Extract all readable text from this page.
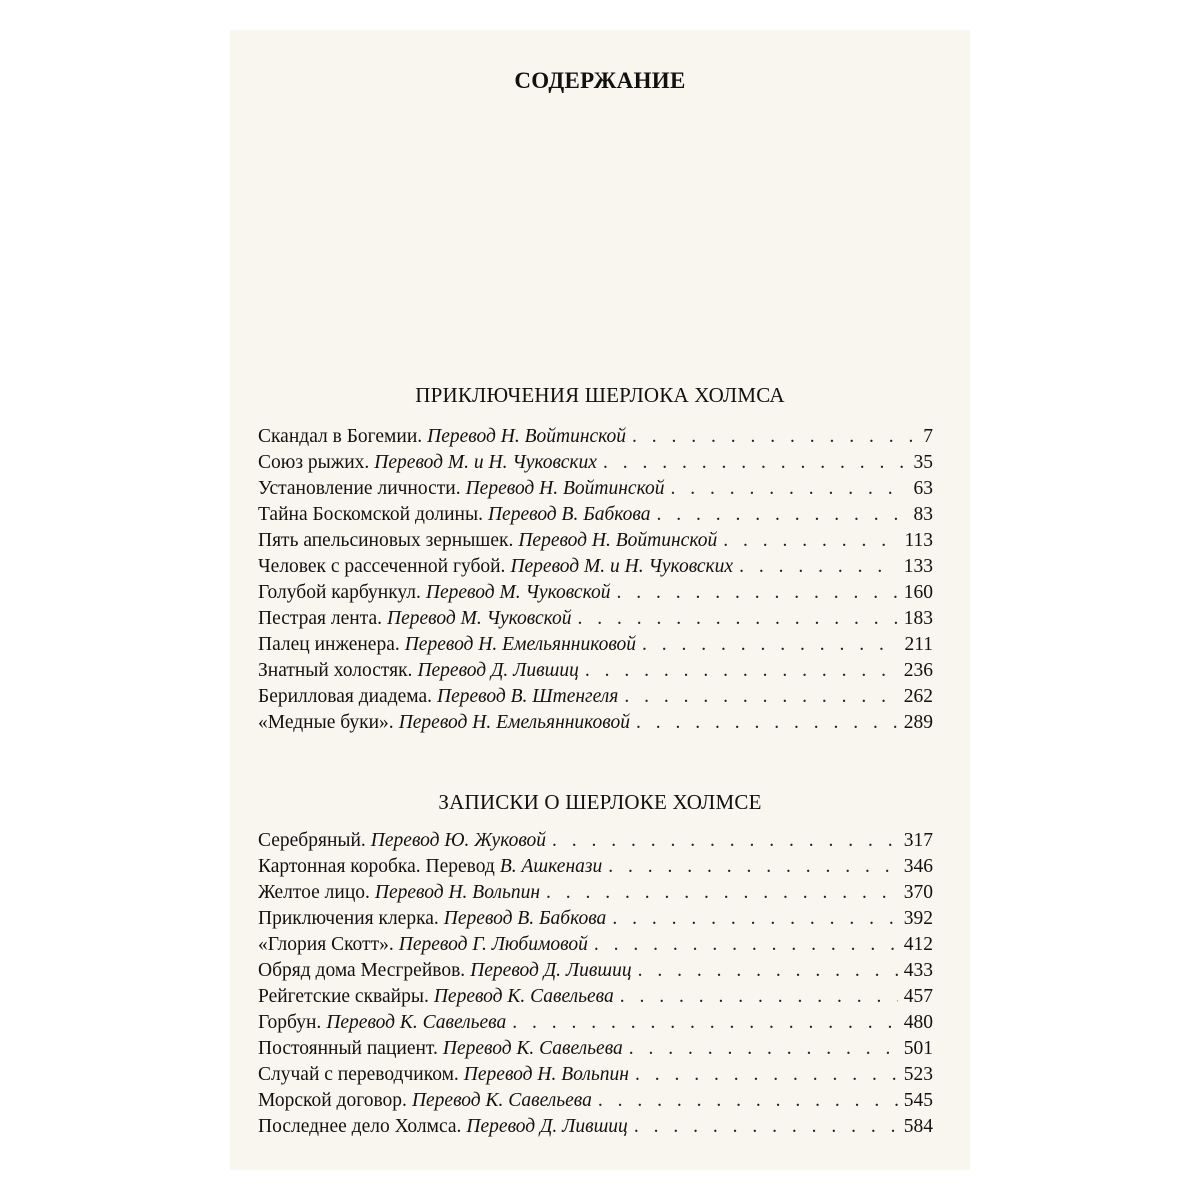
СОДЕРЖАНИЕ
ПРИКЛЮЧЕНИЯ ШЕРЛОКА ХОЛМСА
Скандал в Богемии. Перевод Н. Войтинской . . .	7
Союз рыжих. Перевод М. и Н. Чуковских . . .	35
Установление личности. Перевод Н. Войтинской . . .	63
Тайна Боскомской долины. Перевод В. Бабкова . . .	83
Пять апельсиновых зернышек. Перевод Н. Войтинской . . .	113
Человек с рассеченной губой. Перевод М. и Н. Чуковских . . .	133
Голубой карбункул. Перевод М. Чуковской . . .	160
Пестрая лента. Перевод М. Чуковской . . .	183
Палец инженера. Перевод Н. Емельянниковой . . .	211
Знатный холостяк. Перевод Д. Лившиц . . .	236
Берилловая диадема. Перевод В. Штенгеля . . .	262
«Медные буки». Перевод Н. Емельянниковой . . .	289
ЗАПИСКИ О ШЕРЛОКЕ ХОЛМСЕ
Серебряный. Перевод Ю. Жуковой . . .	317
Картонная коробка. Перевод В. Ашкенази . . .	346
Желтое лицо. Перевод Н. Вольпин . . .	370
Приключения клерка. Перевод В. Бабкова . . .	392
«Глория Скотт». Перевод Г. Любимовой . . .	412
Обряд дома Месгрейвов. Перевод Д. Лившиц . . .	433
Рейгетские сквайры. Перевод К. Савельева . . .	457
Горбун. Перевод К. Савельева . . .	480
Постоянный пациент. Перевод К. Савельева . . .	501
Случай с переводчиком. Перевод Н. Вольпин . . .	523
Морской договор. Перевод К. Савельева . . .	545
Последнее дело Холмса. Перевод Д. Лившиц . . .	584
